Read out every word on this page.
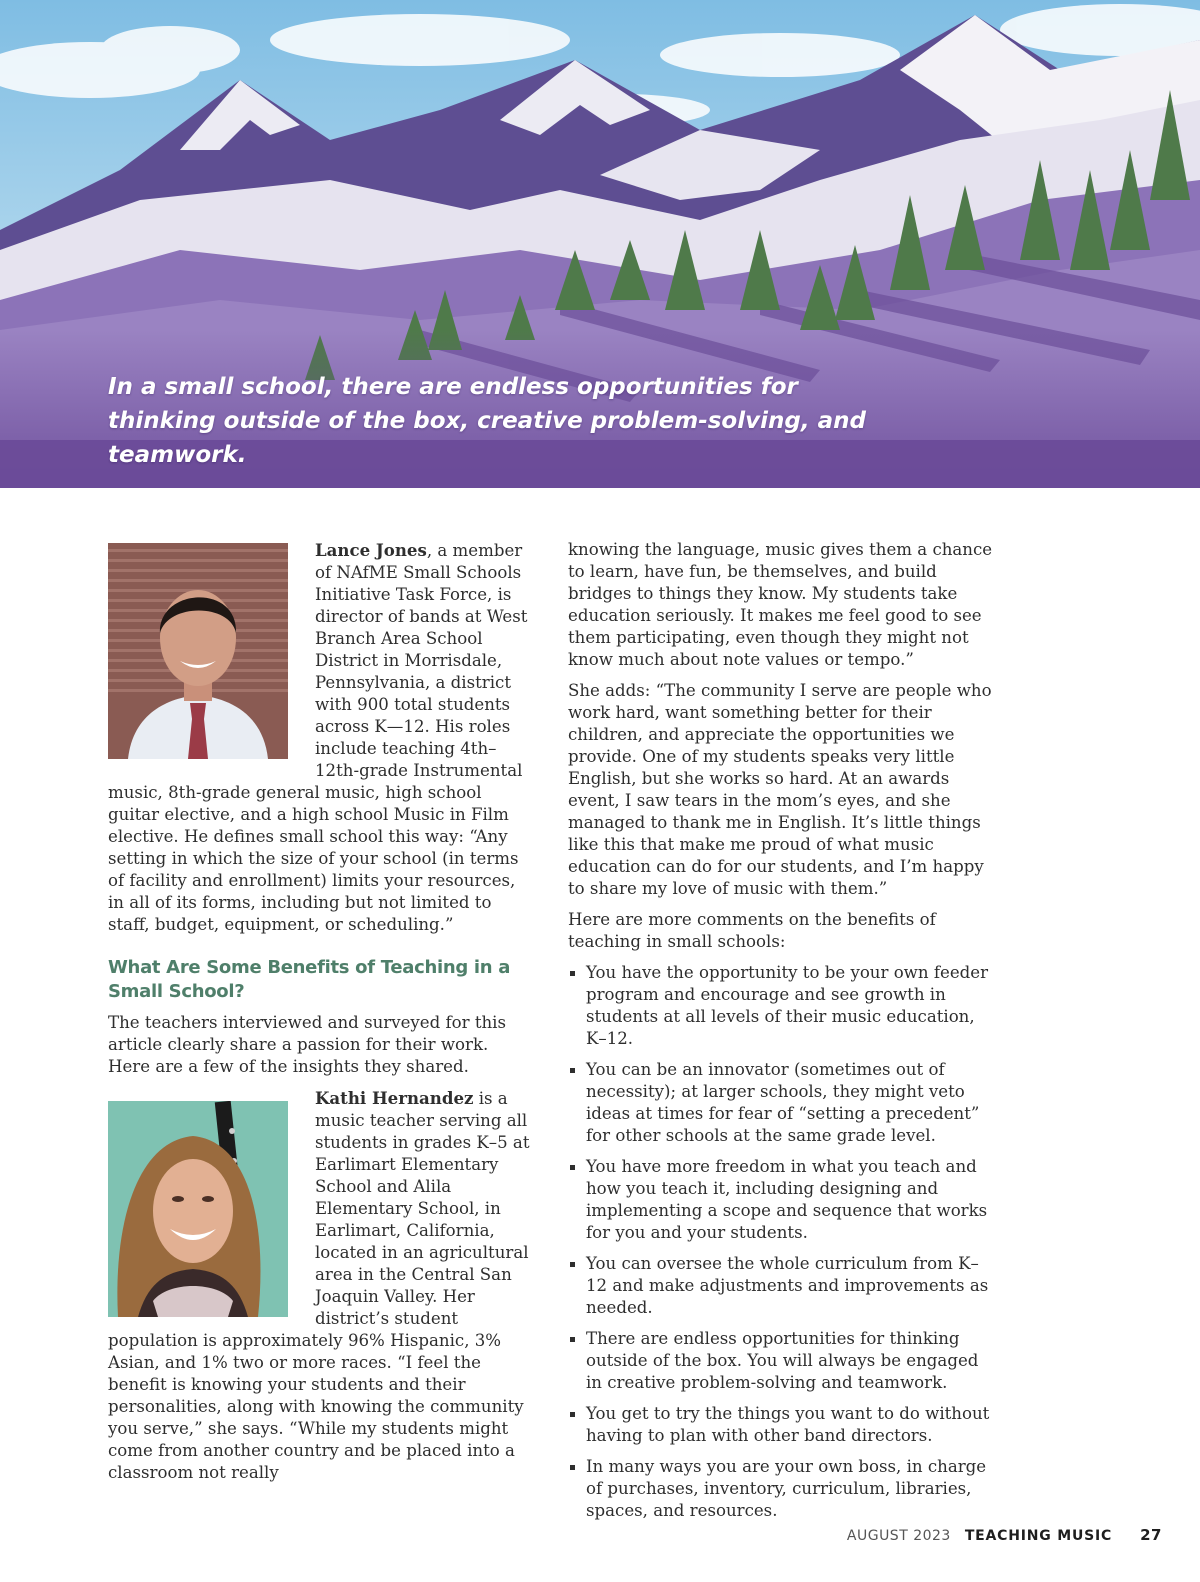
In a small school, there are endless opportunities for thinking outside of the box, creative problem-solving, and teamwork.

Lance Jones, a member of NAfME Small Schools Initiative Task Force, is director of bands at West Branch Area School District in Morrisdale, Pennsylvania, a district with 900 total students across K—12. His roles include teaching 4th–12th-grade Instrumental music, 8th-grade general music, high school guitar elective, and a high school Music in Film elective. He defines small school this way: “Any setting in which the size of your school (in terms of facility and enrollment) limits your resources, in all of its forms, including but not limited to staff, budget, equipment, or scheduling.”

What Are Some Benefits of Teaching in a Small School?

The teachers interviewed and surveyed for this article clearly share a passion for their work. Here are a few of the insights they shared.

Kathi Hernandez is a music teacher serving all students in grades K–5 at Earlimart Elementary School and Alila Elementary School, in Earlimart, California, located in an agricultural area in the Central San Joaquin Valley. Her district’s student population is approximately 96% Hispanic, 3% Asian, and 1% two or more races. “I feel the benefit is knowing your students and their personalities, along with knowing the community you serve,” she says. “While my students might come from another country and be placed into a classroom not really

knowing the language, music gives them a chance to learn, have fun, be themselves, and build bridges to things they know. My students take education seriously. It makes me feel good to see them participating, even though they might not know much about note values or tempo.”

She adds: “The community I serve are people who work hard, want something better for their children, and appreciate the opportunities we provide. One of my students speaks very little English, but she works so hard. At an awards event, I saw tears in the mom’s eyes, and she managed to thank me in English. It’s little things like this that make me proud of what music education can do for our students, and I’m happy to share my love of music with them.”

Here are more comments on the benefits of teaching in small schools:

You have the opportunity to be your own feeder program and encourage and see growth in students at all levels of their music education, K–12.
You can be an innovator (sometimes out of necessity); at larger schools, they might veto ideas at times for fear of “setting a precedent” for other schools at the same grade level.
You have more freedom in what you teach and how you teach it, including designing and implementing a scope and sequence that works for you and your students.
You can oversee the whole curriculum from K–12 and make adjustments and improvements as needed.
There are endless opportunities for thinking outside of the box. You will always be engaged in creative problem-solving and teamwork.
You get to try the things you want to do without having to plan with other band directors.
In many ways you are your own boss, in charge of purchases, inventory, curriculum, libraries, spaces, and resources.
AUGUST 2023 TEACHING MUSIC 27
